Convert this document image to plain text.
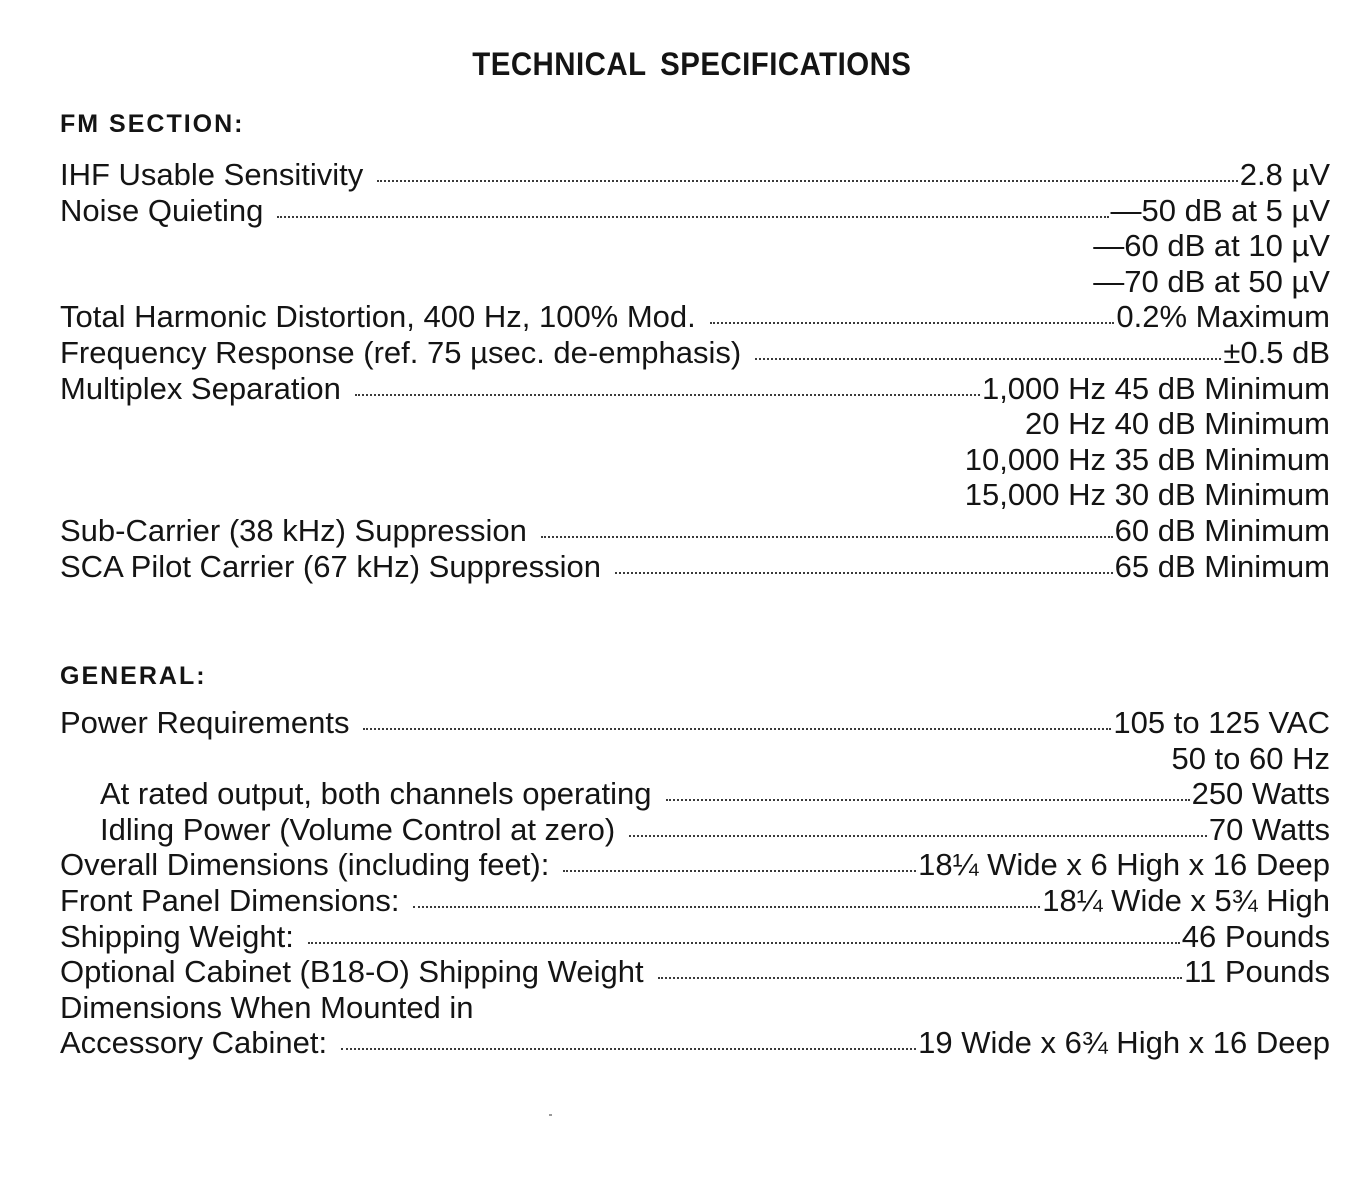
TECHNICAL SPECIFICATIONS
FM SECTION:
IHF Usable Sensitivity	2.8 µV
Noise Quieting	—50 dB at 5 µV
—60 dB at 10 µV
—70 dB at 50 µV
Total Harmonic Distortion, 400 Hz, 100% Mod.	0.2% Maximum
Frequency Response (ref. 75 µsec. de-emphasis)	±0.5 dB
Multiplex Separation	1,000 Hz 45 dB Minimum
20 Hz 40 dB Minimum
10,000 Hz 35 dB Minimum
15,000 Hz 30 dB Minimum
Sub-Carrier (38 kHz) Suppression	60 dB Minimum
SCA Pilot Carrier (67 kHz) Suppression	65 dB Minimum
GENERAL:
Power Requirements	105 to 125 VAC
50 to 60 Hz
At rated output, both channels operating	250 Watts
Idling Power (Volume Control at zero)	70 Watts
Overall Dimensions (including feet):	18¼ Wide x 6 High x 16 Deep
Front Panel Dimensions:	18¼ Wide x 5¾ High
Shipping Weight:	46 Pounds
Optional Cabinet (B18-O) Shipping Weight	11 Pounds
Dimensions When Mounted in
Accessory Cabinet:	19 Wide x 6¾ High x 16 Deep
